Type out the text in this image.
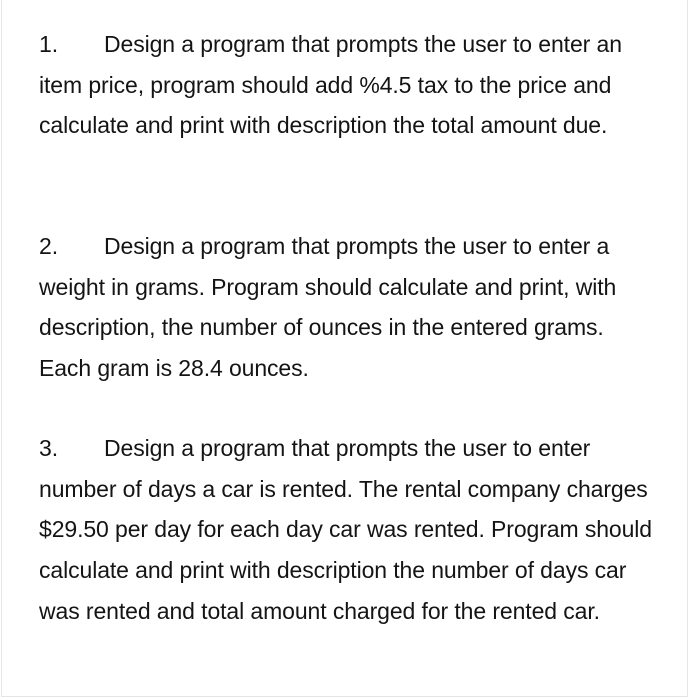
1. Design a program that prompts the user to enter an item price, program should add %4.5 tax to the price and calculate and print with description the total amount due.
2. Design a program that prompts the user to enter a weight in grams. Program should calculate and print, with description, the number of ounces in the entered grams. Each gram is 28.4 ounces.
3. Design a program that prompts the user to enter number of days a car is rented. The rental company charges $29.50 per day for each day car was rented. Program should calculate and print with description the number of days car was rented and total amount charged for the rented car.
